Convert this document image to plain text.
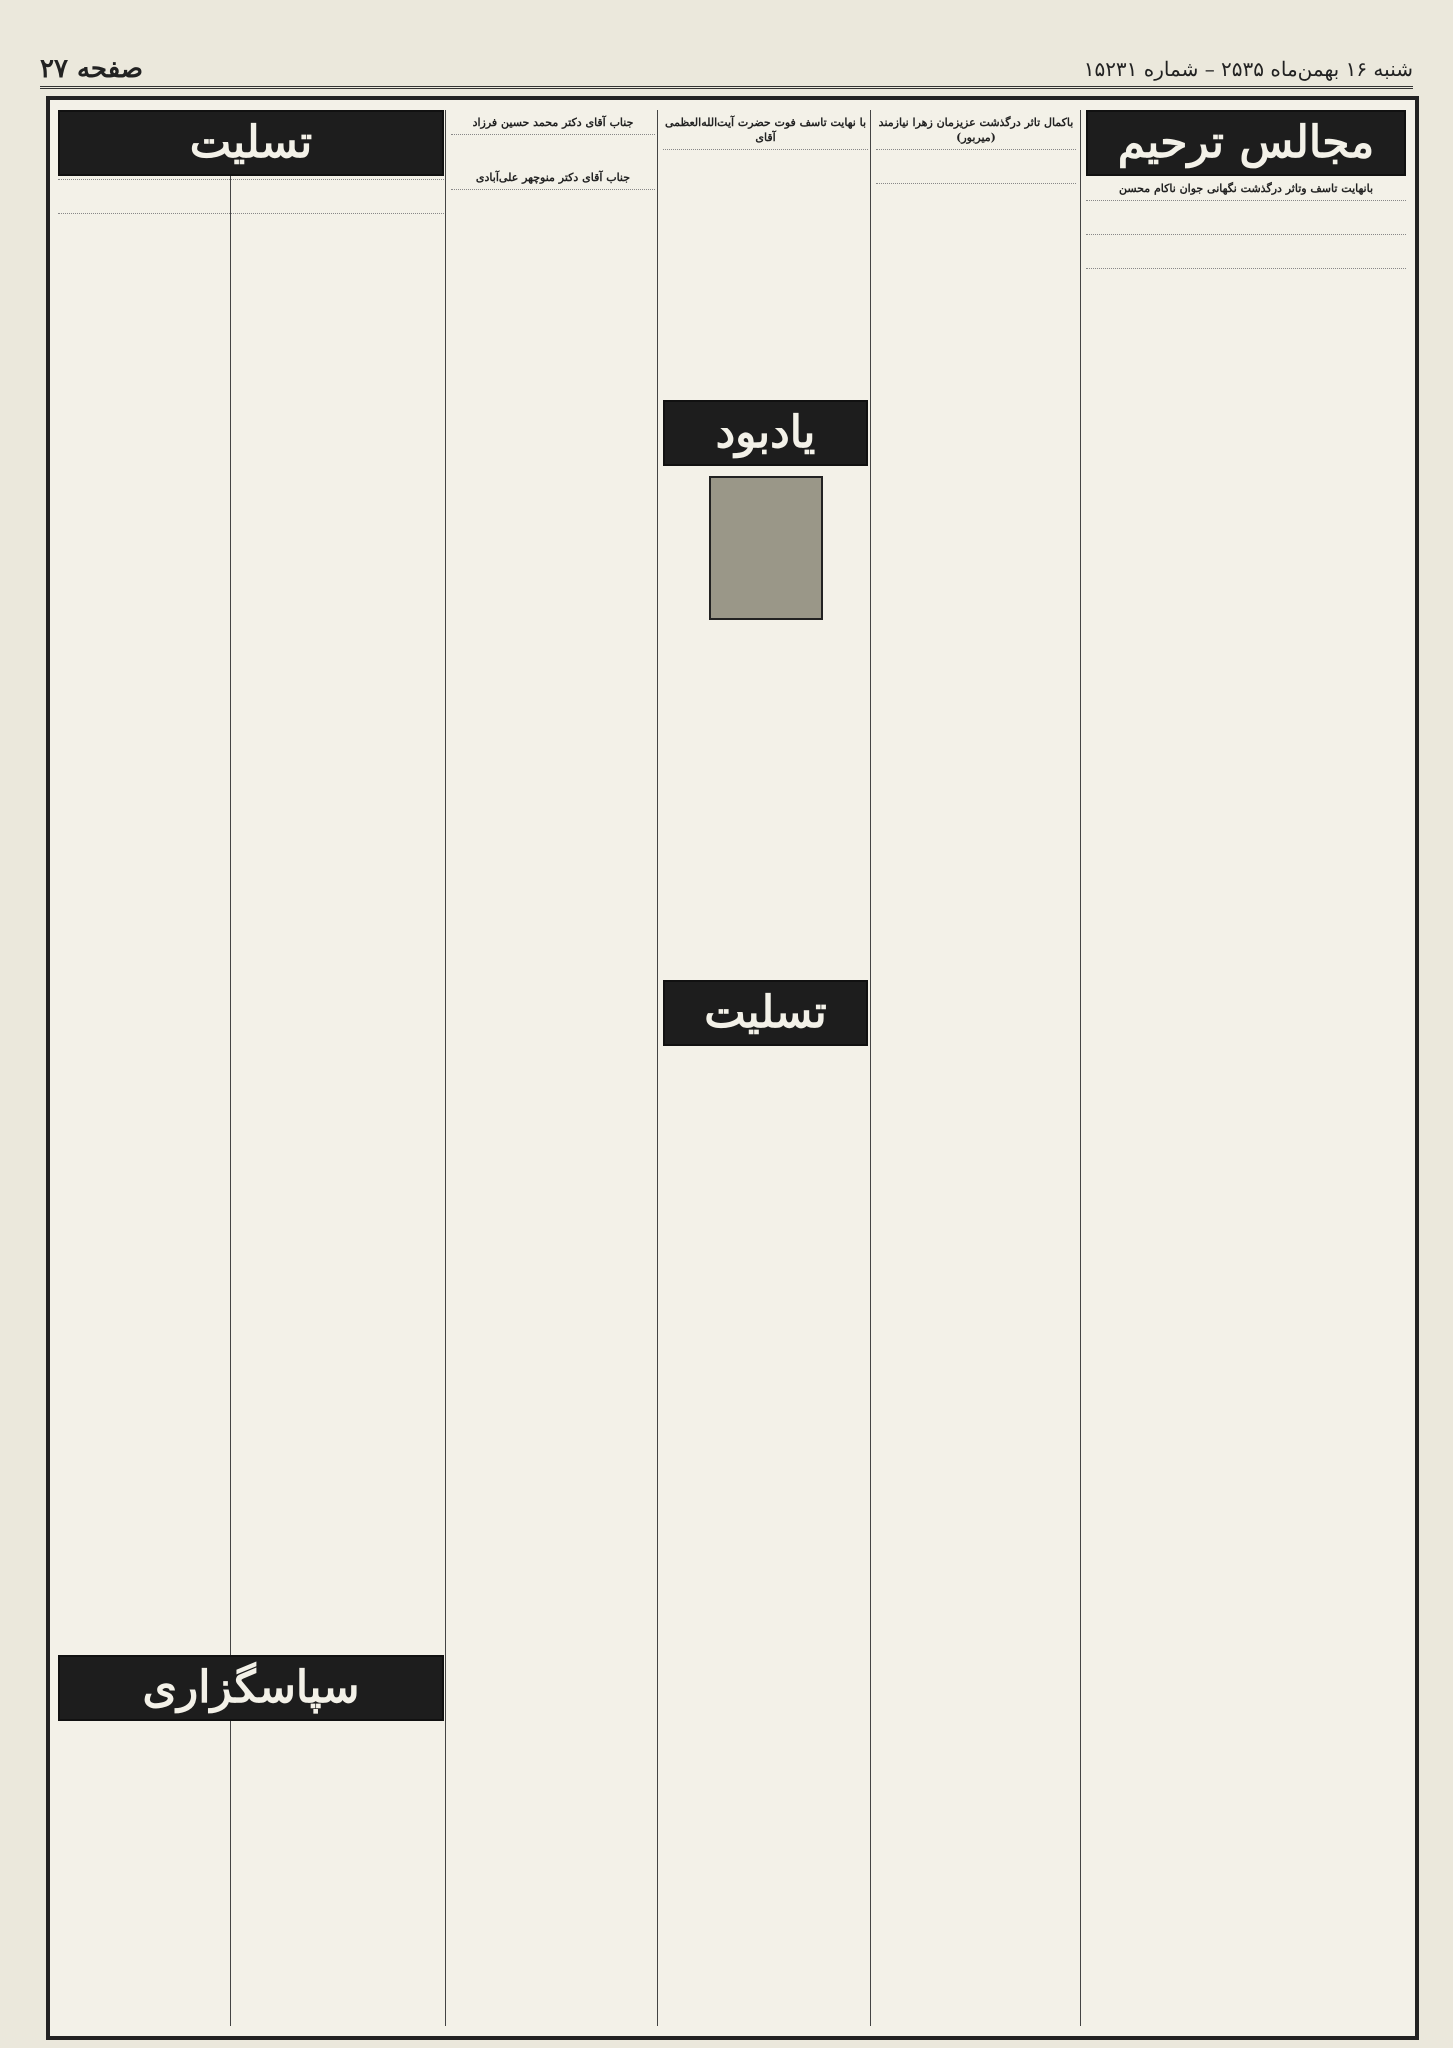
شنبه ۱۶ بهمن‌ماه ۲۵۳۵ – شماره ۱۵۲۳۱
صفحه ۲۷
مجالس ترحیم
بانهایت تاسف وتاثر درگذشت نگهانی جوان ناکام محسن
باکمال تاثر درگذشت عزیزمان زهرا نیازمند (میربور)
با نهایت تاسف فوت حضرت آیت‌الله‌العظمی آقای
یادبود
تسلیت
جناب آقای دکتر محمد حسین فرزاد
جناب آقای دکتر منوچهر علی‌آبادی
تسلیت
سپاسگزاری
